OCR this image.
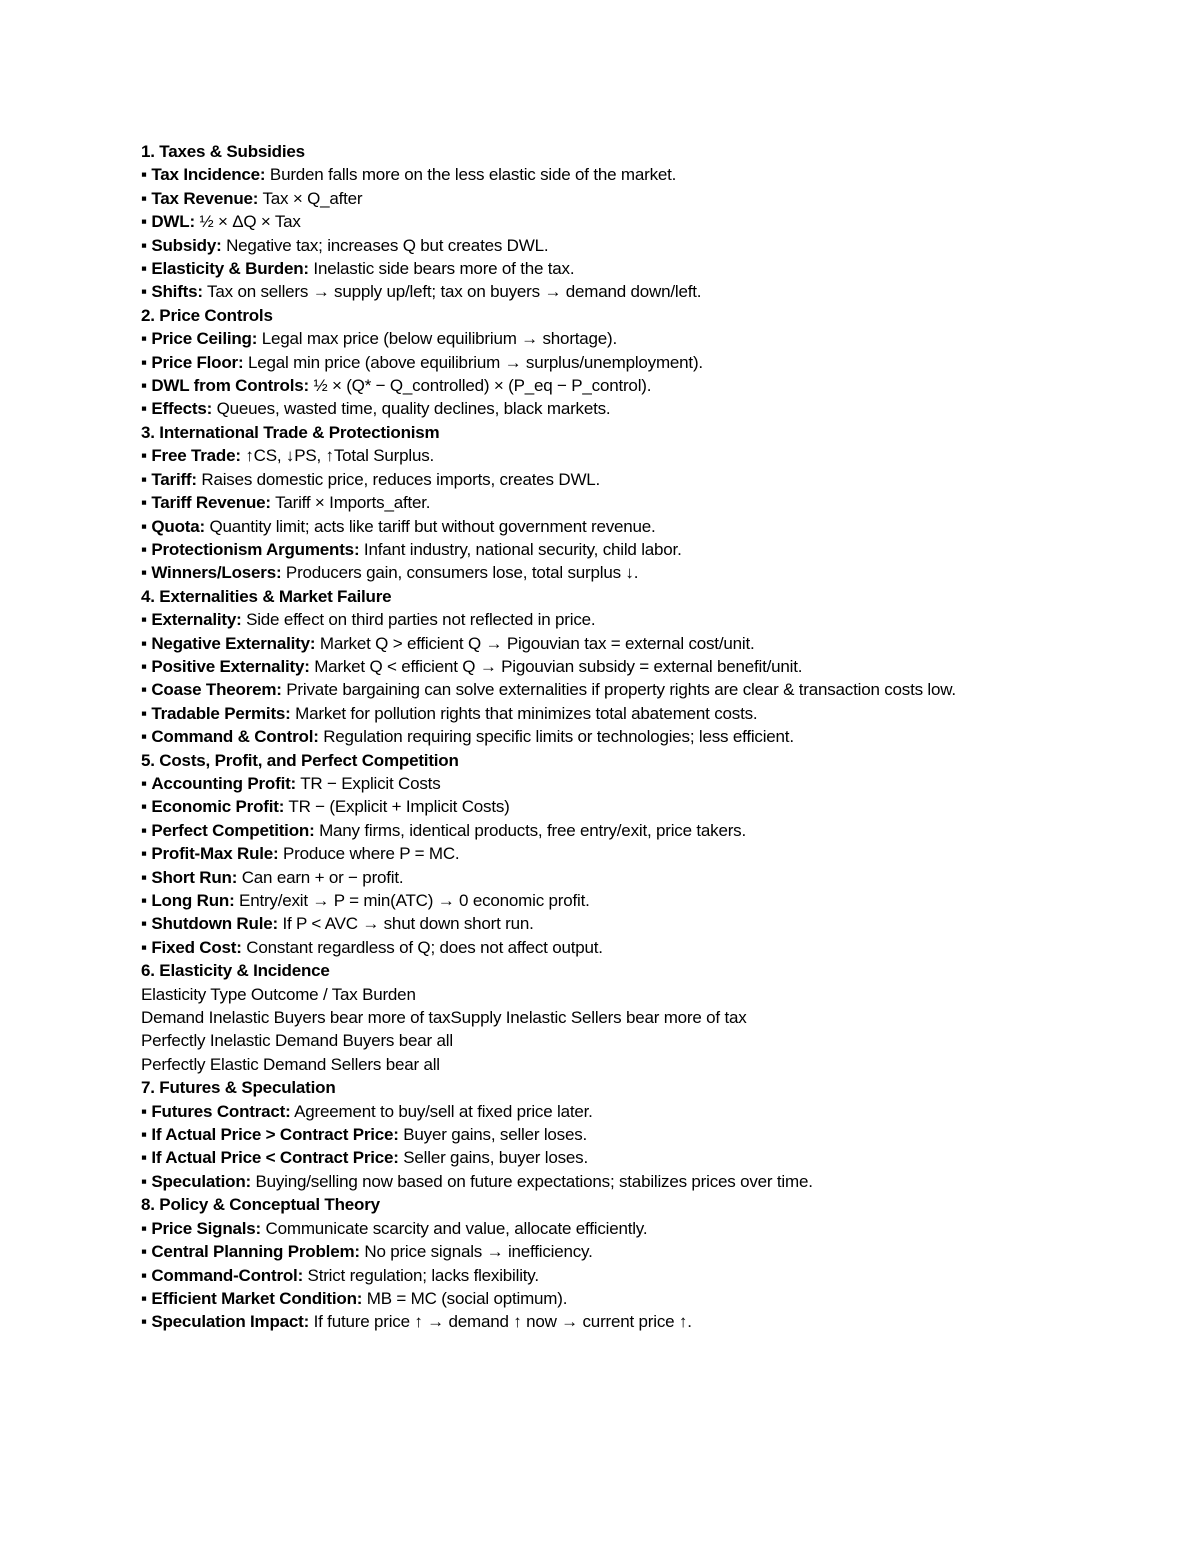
1. Taxes & Subsidies
▪ Tax Incidence: Burden falls more on the less elastic side of the market.
▪ Tax Revenue: Tax × Q_after
▪ DWL: ½ × ΔQ × Tax
▪ Subsidy: Negative tax; increases Q but creates DWL.
▪ Elasticity & Burden: Inelastic side bears more of the tax.
▪ Shifts: Tax on sellers → supply up/left; tax on buyers → demand down/left.
2. Price Controls
▪ Price Ceiling: Legal max price (below equilibrium → shortage).
▪ Price Floor: Legal min price (above equilibrium → surplus/unemployment).
▪ DWL from Controls: ½ × (Q* − Q_controlled) × (P_eq − P_control).
▪ Effects: Queues, wasted time, quality declines, black markets.
3. International Trade & Protectionism
▪ Free Trade: ↑CS, ↓PS, ↑Total Surplus.
▪ Tariff: Raises domestic price, reduces imports, creates DWL.
▪ Tariff Revenue: Tariff × Imports_after.
▪ Quota: Quantity limit; acts like tariff but without government revenue.
▪ Protectionism Arguments: Infant industry, national security, child labor.
▪ Winners/Losers: Producers gain, consumers lose, total surplus ↓.
4. Externalities & Market Failure
▪ Externality: Side effect on third parties not reflected in price.
▪ Negative Externality: Market Q > efficient Q → Pigouvian tax = external cost/unit.
▪ Positive Externality: Market Q < efficient Q → Pigouvian subsidy = external benefit/unit.
▪ Coase Theorem: Private bargaining can solve externalities if property rights are clear & transaction costs low.
▪ Tradable Permits: Market for pollution rights that minimizes total abatement costs.
▪ Command & Control: Regulation requiring specific limits or technologies; less efficient.
5. Costs, Profit, and Perfect Competition
▪ Accounting Profit: TR − Explicit Costs
▪ Economic Profit: TR − (Explicit + Implicit Costs)
▪ Perfect Competition: Many firms, identical products, free entry/exit, price takers.
▪ Profit-Max Rule: Produce where P = MC.
▪ Short Run: Can earn + or − profit.
▪ Long Run: Entry/exit → P = min(ATC) → 0 economic profit.
▪ Shutdown Rule: If P < AVC → shut down short run.
▪ Fixed Cost: Constant regardless of Q; does not affect output.
6. Elasticity & Incidence
Elasticity Type Outcome / Tax Burden
Demand Inelastic Buyers bear more of taxSupply Inelastic Sellers bear more of tax
Perfectly Inelastic Demand Buyers bear all
Perfectly Elastic Demand Sellers bear all
7. Futures & Speculation
▪ Futures Contract: Agreement to buy/sell at fixed price later.
▪ If Actual Price > Contract Price: Buyer gains, seller loses.
▪ If Actual Price < Contract Price: Seller gains, buyer loses.
▪ Speculation: Buying/selling now based on future expectations; stabilizes prices over time.
8. Policy & Conceptual Theory
▪ Price Signals: Communicate scarcity and value, allocate efficiently.
▪ Central Planning Problem: No price signals → inefficiency.
▪ Command-Control: Strict regulation; lacks flexibility.
▪ Efficient Market Condition: MB = MC (social optimum).
▪ Speculation Impact: If future price ↑ → demand ↑ now → current price ↑.
